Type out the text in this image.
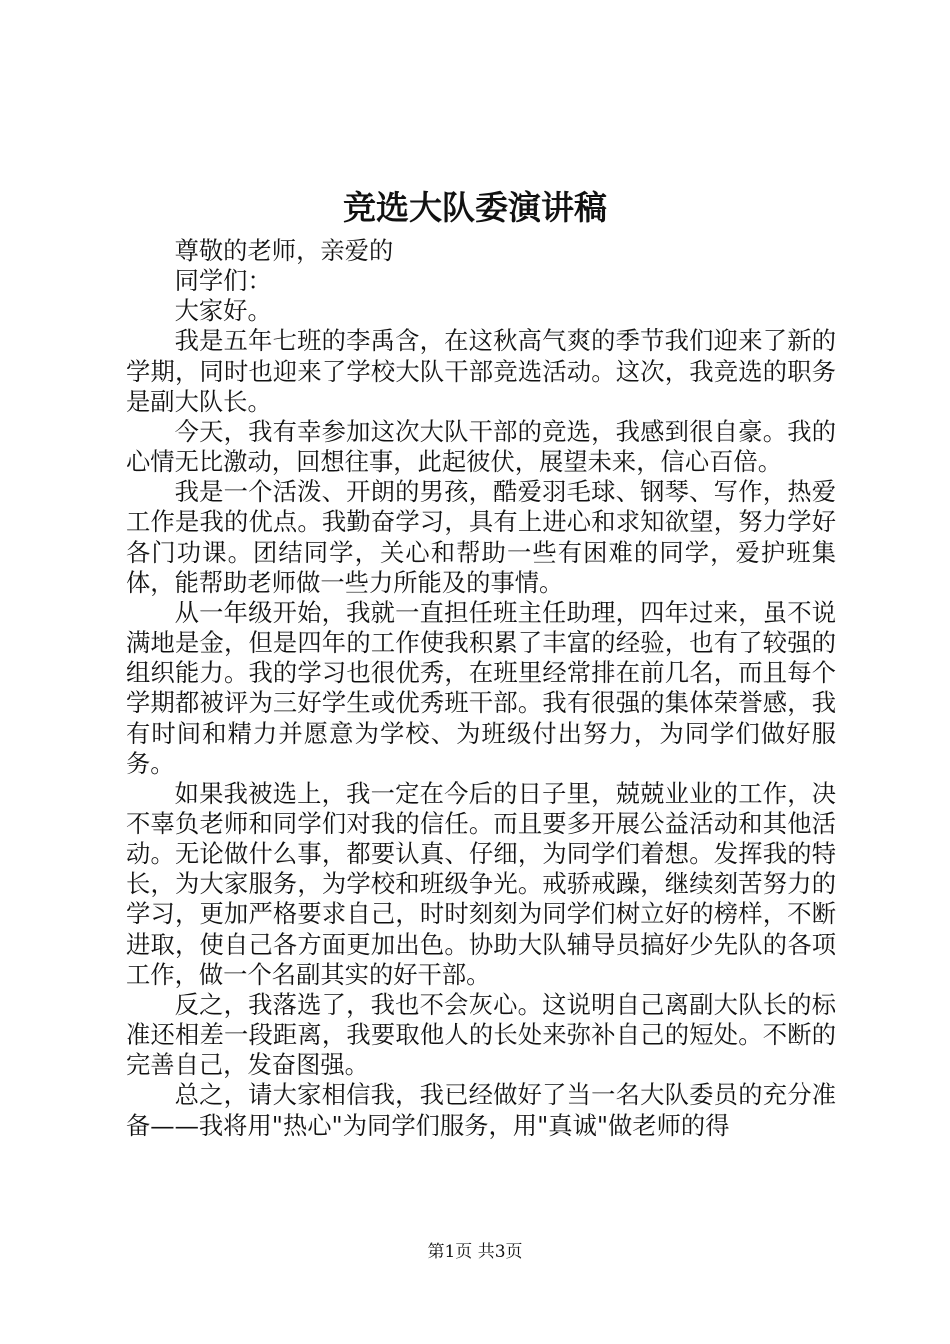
竞选大队委演讲稿

尊敬的老师，亲爱的

同学们：

大家好。

我是五年七班的李禹含，在这秋高气爽的季节我们迎来了新的学期，同时也迎来了学校大队干部竞选活动。这次，我竞选的职务是副大队长。

今天，我有幸参加这次大队干部的竞选，我感到很自豪。我的心情无比激动，回想往事，此起彼伏，展望未来，信心百倍。

我是一个活泼、开朗的男孩，酷爱羽毛球、钢琴、写作，热爱工作是我的优点。我勤奋学习，具有上进心和求知欲望，努力学好各门功课。团结同学，关心和帮助一些有困难的同学，爱护班集体，能帮助老师做一些力所能及的事情。

从一年级开始，我就一直担任班主任助理，四年过来，虽不说满地是金，但是四年的工作使我积累了丰富的经验，也有了较强的组织能力。我的学习也很优秀，在班里经常排在前几名，而且每个学期都被评为三好学生或优秀班干部。我有很强的集体荣誉感，我有时间和精力并愿意为学校、为班级付出努力，为同学们做好服务。

如果我被选上，我一定在今后的日子里，兢兢业业的工作，决不辜负老师和同学们对我的信任。而且要多开展公益活动和其他活动。无论做什么事，都要认真、仔细，为同学们着想。发挥我的特长，为大家服务，为学校和班级争光。戒骄戒躁，继续刻苦努力的学习，更加严格要求自己，时时刻刻为同学们树立好的榜样，不断进取，使自己各方面更加出色。协助大队辅导员搞好少先队的各项工作，做一个名副其实的好干部。

反之，我落选了，我也不会灰心。这说明自己离副大队长的标准还相差一段距离，我要取他人的长处来弥补自己的短处。不断的完善自己，发奋图强。

总之，请大家相信我，我已经做好了当一名大队委员的充分准备——我将用"热心"为同学们服务，用"真诚"做老师的得

第1页 共3页
